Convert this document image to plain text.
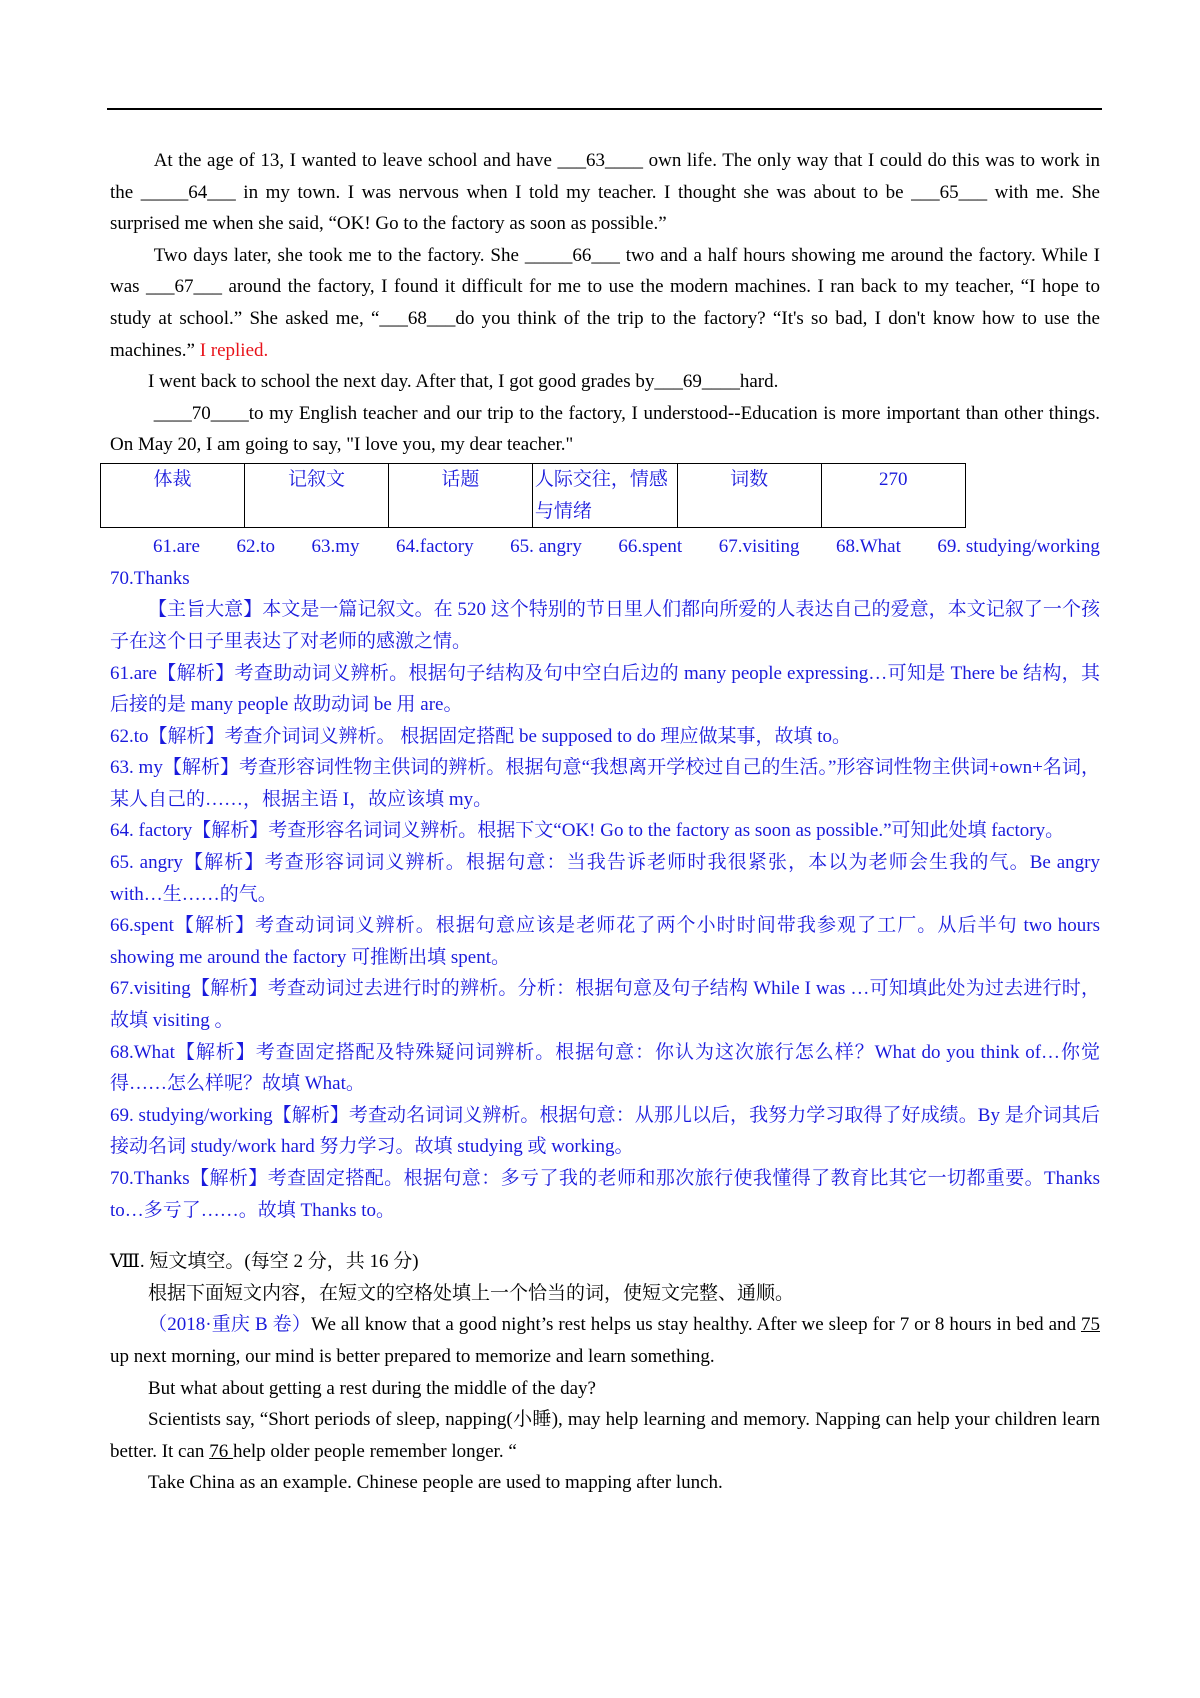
At the age of 13, I wanted to leave school and have ___63____ own life. The only way that I could do this was to work in the _____64___ in my town. I was nervous when I told my teacher. I thought she was about to be ___65___ with me. She surprised me when she said, “OK! Go to the factory as soon as possible.”

Two days later, she took me to the factory. She _____66___ two and a half hours showing me around the factory. While I was ___67___ around the factory, I found it difficult for me to use the modern machines. I ran back to my teacher, “I hope to study at school.” She asked me, “___68___do you think of the trip to the factory? “It's so bad, I don't know how to use the machines.” I replied.

I went back to school the next day. After that, I got good grades by___69____hard.

____70____to my English teacher and our trip to the factory, I understood--Education is more important than other things. On May 20, I am going to say, "I love you, my dear teacher."

体裁	记叙文	话题	人际交往，情感与情绪	词数	270
61.are 62.to 63.my 64.factory 65. angry 66.spent 67.visiting 68.What 69. studying/working

70.Thanks

【主旨大意】本文是一篇记叙文。在 520 这个特别的节日里人们都向所爱的人表达自己的爱意，本文记叙了一个孩子在这个日子里表达了对老师的感激之情。

61.are【解析】考查助动词义辨析。根据句子结构及句中空白后边的 many people expressing…可知是 There be 结构，其后接的是 many people 故助动词 be 用 are。

62.to【解析】考查介词词义辨析。 根据固定搭配 be supposed to do 理应做某事，故填 to。

63. my【解析】考查形容词性物主供词的辨析。根据句意“我想离开学校过自己的生活。”形容词性物主供词+own+名词，某人自己的……，根据主语 I，故应该填 my。

64. factory【解析】考查形容名词词义辨析。根据下文“OK! Go to the factory as soon as possible.”可知此处填 factory。

65. angry【解析】考查形容词词义辨析。根据句意：当我告诉老师时我很紧张，本以为老师会生我的气。Be angry with…生……的气。

66.spent【解析】考查动词词义辨析。根据句意应该是老师花了两个小时时间带我参观了工厂。从后半句 two hours showing me around the factory 可推断出填 spent。

67.visiting【解析】考查动词过去进行时的辨析。分析：根据句意及句子结构 While I was …可知填此处为过去进行时，故填 visiting 。

68.What【解析】考查固定搭配及特殊疑问词辨析。根据句意：你认为这次旅行怎么样？What do you think of…你觉得……怎么样呢？故填 What。

69. studying/working【解析】考查动名词词义辨析。根据句意：从那儿以后，我努力学习取得了好成绩。By 是介词其后接动名词 study/work hard 努力学习。故填 studying 或 working。

70.Thanks【解析】考查固定搭配。根据句意：多亏了我的老师和那次旅行使我懂得了教育比其它一切都重要。Thanks to…多亏了……。故填 Thanks to。

Ⅷ. 短文填空。(每空 2 分，共 16 分)

根据下面短文内容，在短文的空格处填上一个恰当的词，使短文完整、通顺。

（2018·重庆 B 卷）We all know that a good night’s rest helps us stay healthy. After we sleep for 7 or 8 hours in bed and 75 up next morning, our mind is better prepared to memorize and learn something.

But what about getting a rest during the middle of the day?

Scientists say, “Short periods of sleep, napping(小睡), may help learning and memory. Napping can help your children learn better. It can 76 help older people remember longer. “

Take China as an example. Chinese people are used to mapping after lunch.
